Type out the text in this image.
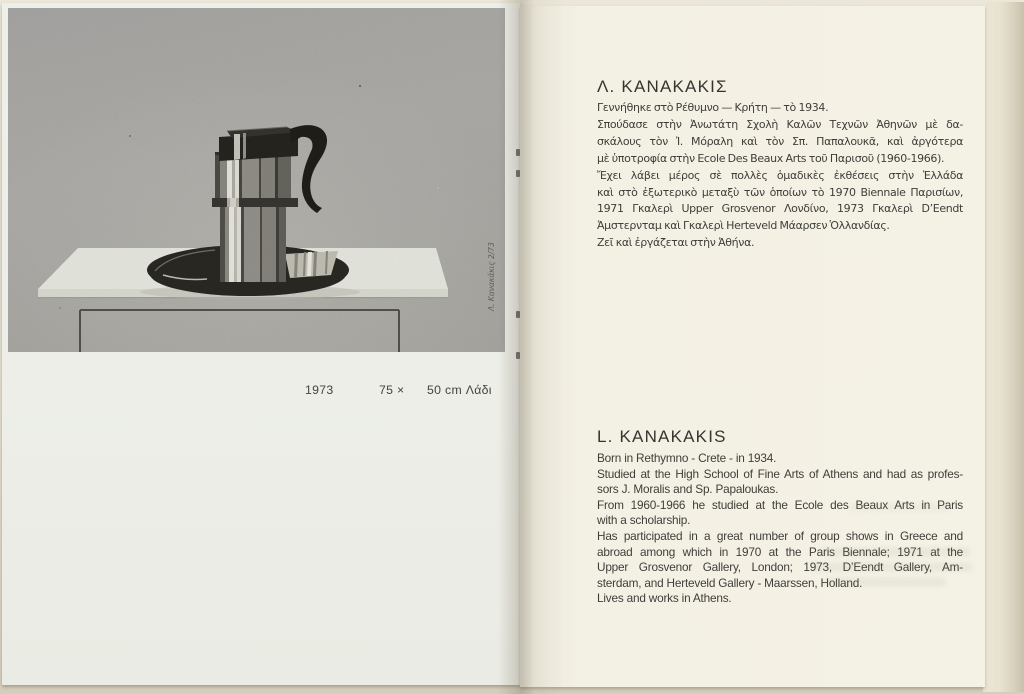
Λ. Κανακάκις 2/73
1973	75 × 50 cm Λάδι
Λ. ΚΑΝΑΚΑΚΙΣ
Γεννήθηκε στὸ Ρέθυμνο — Κρήτη — τὸ 1934.
Σπούδασε στὴν Ἀνωτάτη Σχολὴ Καλῶν Τεχνῶν Ἀθηνῶν μὲ δα-
σκάλους τὸν Ἰ. Μόραλη καὶ τὸν Σπ. Παπαλουκᾶ, καὶ ἀργότερα
μὲ ὑποτροφία στὴν Ecole Des Beaux Arts τοῦ Παρισοῦ (1960-1966).
Ἔχει λάβει μέρος σὲ πολλὲς ὁμαδικὲς ἐκθέσεις στὴν Ἑλλάδα
καὶ στὸ ἐξωτερικὸ μεταξὺ τῶν ὁποίων τὸ 1970 Biennale Παρισίων,
1971 Γκαλερὶ Upper Grosvenor Λονδίνο, 1973 Γκαλερὶ D’Eendt
Ἀμστερνταμ καὶ Γκαλερὶ Herteveld Μάαρσεν Ὁλλανδίας.
Ζεῖ καὶ ἐργάζεται στὴν Ἀθήνα.
L. KANAKAKIS
Born in Rethymno - Crete - in 1934.
Studied at the High School of Fine Arts of Athens and had as profes-
sors J. Moralis and Sp. Papaloukas.
From 1960-1966 he studied at the Ecole des Beaux Arts in Paris
with a scholarship.
Has participated in a great number of group shows in Greece and
abroad among which in 1970 at the Paris Biennale; 1971 at the
Upper Grosvenor Gallery, London; 1973, D’Eendt Gallery, Am-
sterdam, and Herteveld Gallery - Maarssen, Holland.
Lives and works in Athens.
